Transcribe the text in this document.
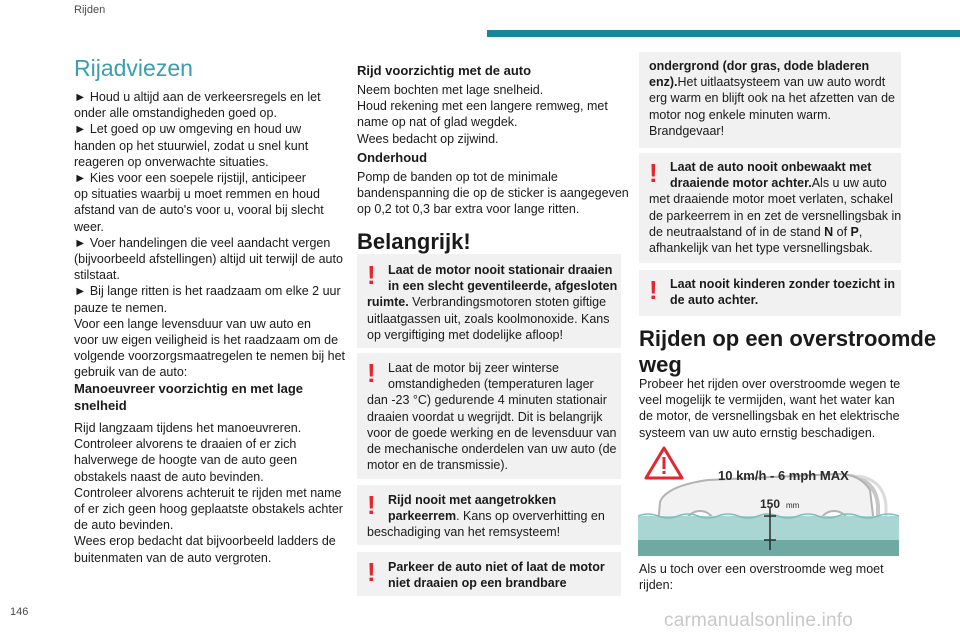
Rijden
146	carmanualsonline.info
Rijadviezen
► Houd u altijd aan de verkeersregels en let
onder alle omstandigheden goed op.
► Let goed op uw omgeving en houd uw
handen op het stuurwiel, zodat u snel kunt
reageren op onverwachte situaties.
► Kies voor een soepele rijstijl, anticipeer
op situaties waarbij u moet remmen en houd
afstand van de auto's voor u, vooral bij slecht
weer.
► Voer handelingen die veel aandacht vergen
(bijvoorbeeld afstellingen) altijd uit terwijl de auto
stilstaat.
► Bij lange ritten is het raadzaam om elke 2 uur
pauze te nemen.
Voor een lange levensduur van uw auto en
voor uw eigen veiligheid is het raadzaam om de
volgende voorzorgsmaatregelen te nemen bij het
gebruik van de auto:
Manoeuvreer voorzichtig en met lage
snelheid
Rijd langzaam tijdens het manoeuvreren.
Controleer alvorens te draaien of er zich
halverwege de hoogte van de auto geen
obstakels naast de auto bevinden.
Controleer alvorens achteruit te rijden met name
of er zich geen hoog geplaatste obstakels achter
de auto bevinden.
Wees erop bedacht dat bijvoorbeeld ladders de
buitenmaten van de auto vergroten.
Rijd voorzichtig met de auto
Neem bochten met lage snelheid.
Houd rekening met een langere remweg, met
name op nat of glad wegdek.
Wees bedacht op zijwind.
Onderhoud
Pomp de banden op tot de minimale
bandenspanning die op de sticker is aangegeven
op 0,2 tot 0,3 bar extra voor lange ritten.
Belangrijk!
! Laat de motor nooit stationair draaien
in een slecht geventileerde, afgesloten
ruimte. Verbrandingsmotoren stoten giftige
uitlaatgassen uit, zoals koolmonoxide. Kans
op vergiftiging met dodelijke afloop!
! Laat de motor bij zeer winterse
omstandigheden (temperaturen lager
dan -23 °C) gedurende 4 minuten stationair
draaien voordat u wegrijdt. Dit is belangrijk
voor de goede werking en de levensduur van
de mechanische onderdelen van uw auto (de
motor en de transmissie).
! Rijd nooit met aangetrokken
parkeerrem. Kans op oververhitting en
beschadiging van het remsysteem!
! Parkeer de auto niet of laat de motor
niet draaien op een brandbare
ondergrond (dor gras, dode bladeren
enz).Het uitlaatsysteem van uw auto wordt
erg warm en blijft ook na het afzetten van de
motor nog enkele minuten warm.
Brandgevaar!
! Laat de auto nooit onbewaakt met
draaiende motor achter.Als u uw auto
met draaiende motor moet verlaten, schakel
de parkeerrem in en zet de versnellingsbak in
de neutraalstand of in de stand N of P,
afhankelijk van het type versnellingsbak.
! Laat nooit kinderen zonder toezicht in
de auto achter.
Rijden op een overstroomde
weg
Probeer het rijden over overstroomde wegen te
veel mogelijk te vermijden, want het water kan
de motor, de versnellingsbak en het elektrische
systeem van uw auto ernstig beschadigen.
10 km/h - 6 mph MAX
150 mm
Als u toch over een overstroomde weg moet
rijden:
